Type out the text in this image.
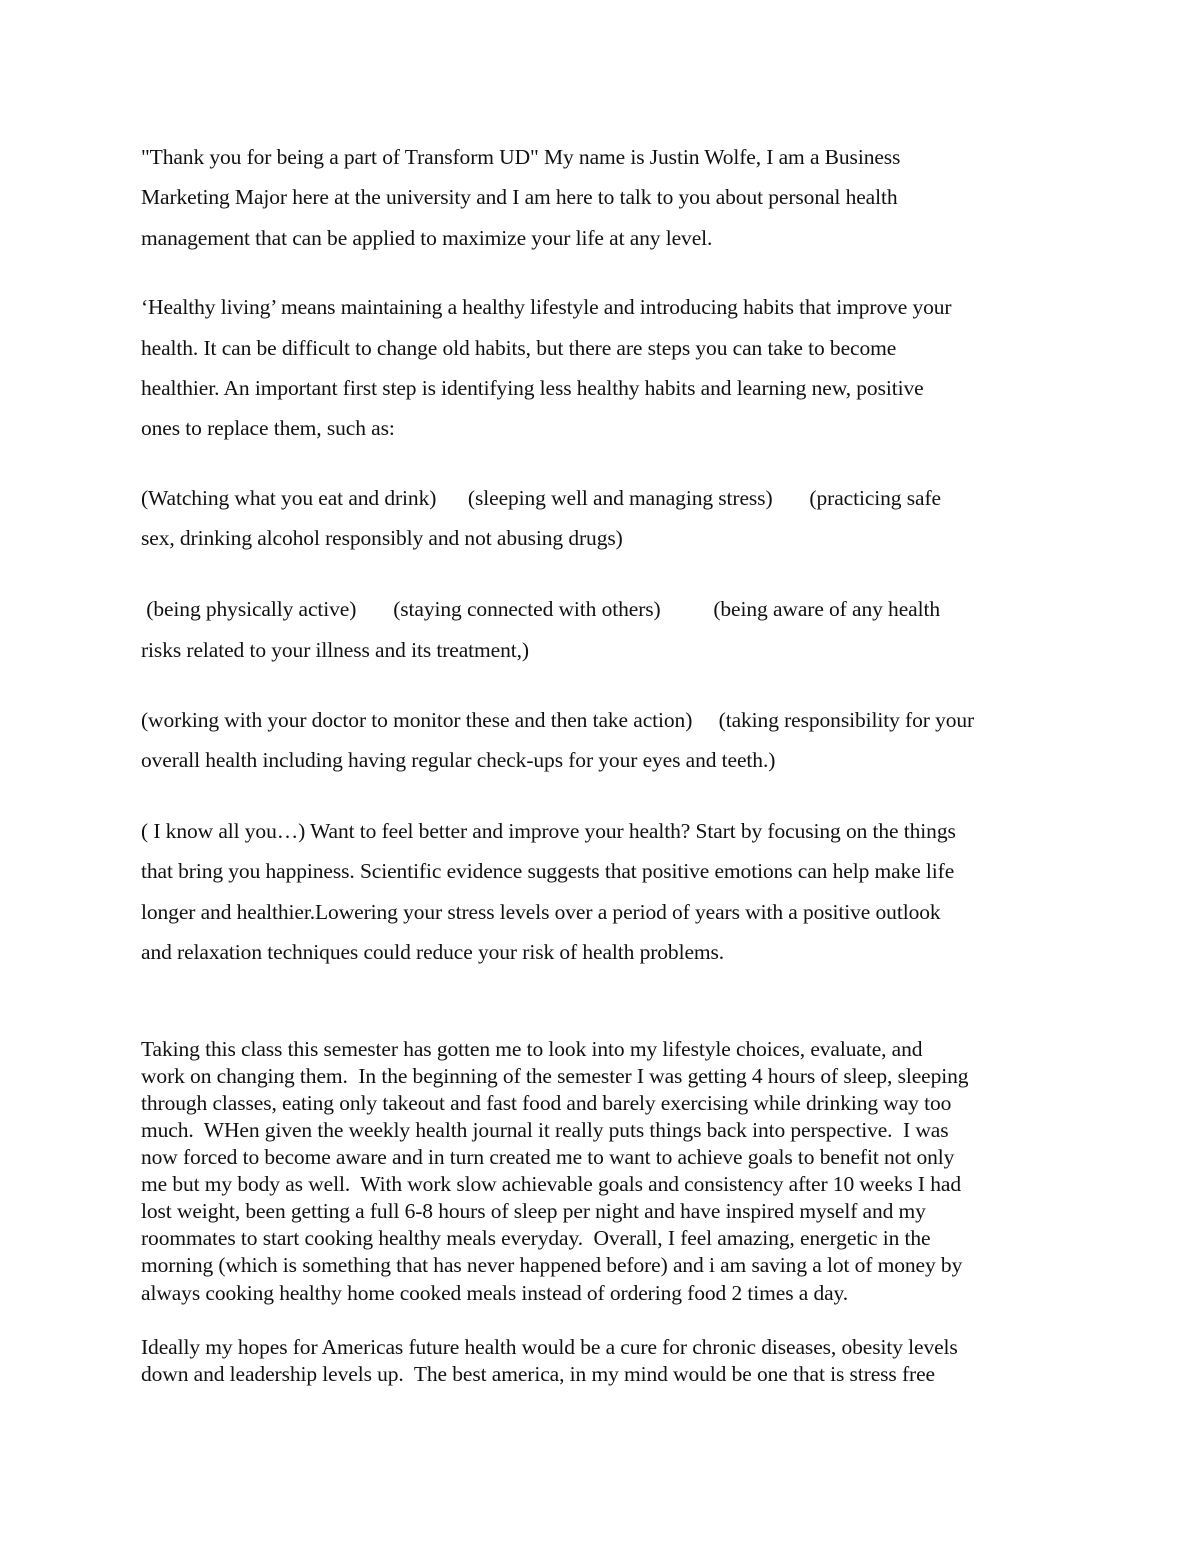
"Thank you for being a part of Transform UD" My name is Justin Wolfe, I am a Business
Marketing Major here at the university and I am here to talk to you about personal health
management that can be applied to maximize your life at any level.
‘Healthy living’ means maintaining a healthy lifestyle and introducing habits that improve your
health. It can be difficult to change old habits, but there are steps you can take to become
healthier. An important first step is identifying less healthy habits and learning new, positive
ones to replace them, such as:
(Watching what you eat and drink)      (sleeping well and managing stress)       (practicing safe
sex, drinking alcohol responsibly and not abusing drugs)
(being physically active)       (staying connected with others)          (being aware of any health
risks related to your illness and its treatment,)
(working with your doctor to monitor these and then take action)     (taking responsibility for your
overall health including having regular check-ups for your eyes and teeth.)
( I know all you…) Want to feel better and improve your health? Start by focusing on the things
that bring you happiness. Scientific evidence suggests that positive emotions can help make life
longer and healthier.Lowering your stress levels over a period of years with a positive outlook
and relaxation techniques could reduce your risk of health problems.
Taking this class this semester has gotten me to look into my lifestyle choices, evaluate, and
work on changing them.  In the beginning of the semester I was getting 4 hours of sleep, sleeping
through classes, eating only takeout and fast food and barely exercising while drinking way too
much.  WHen given the weekly health journal it really puts things back into perspective.  I was
now forced to become aware and in turn created me to want to achieve goals to benefit not only
me but my body as well.  With work slow achievable goals and consistency after 10 weeks I had
lost weight, been getting a full 6-8 hours of sleep per night and have inspired myself and my
roommates to start cooking healthy meals everyday.  Overall, I feel amazing, energetic in the
morning (which is something that has never happened before) and i am saving a lot of money by
always cooking healthy home cooked meals instead of ordering food 2 times a day.
Ideally my hopes for Americas future health would be a cure for chronic diseases, obesity levels
down and leadership levels up.  The best america, in my mind would be one that is stress free
